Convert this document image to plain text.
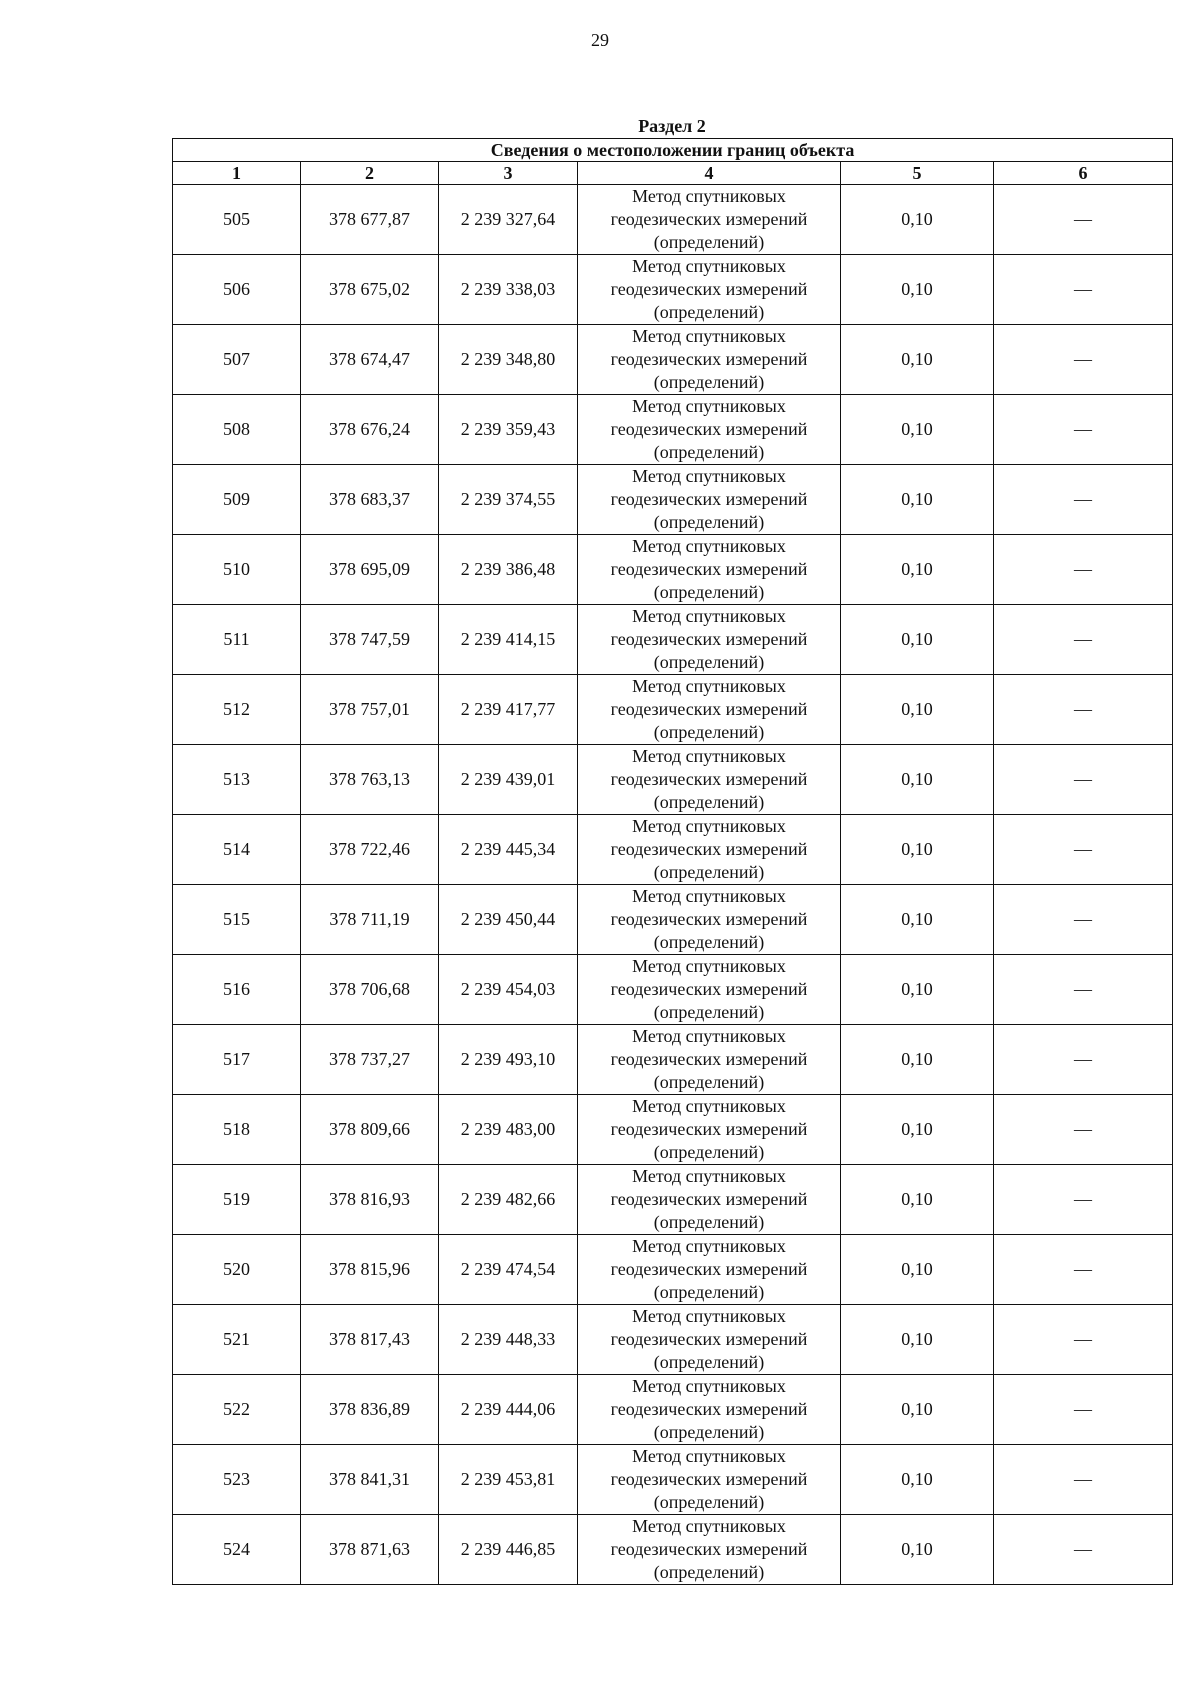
29
Раздел 2
Сведения о местоположении границ объекта					
1	2	3	4	5	6
505	378 677,87	2 239 327,64	Метод спутниковых
геодезических измерений
(определений)	0,10	—
506	378 675,02	2 239 338,03	Метод спутниковых
геодезических измерений
(определений)	0,10	—
507	378 674,47	2 239 348,80	Метод спутниковых
геодезических измерений
(определений)	0,10	—
508	378 676,24	2 239 359,43	Метод спутниковых
геодезических измерений
(определений)	0,10	—
509	378 683,37	2 239 374,55	Метод спутниковых
геодезических измерений
(определений)	0,10	—
510	378 695,09	2 239 386,48	Метод спутниковых
геодезических измерений
(определений)	0,10	—
511	378 747,59	2 239 414,15	Метод спутниковых
геодезических измерений
(определений)	0,10	—
512	378 757,01	2 239 417,77	Метод спутниковых
геодезических измерений
(определений)	0,10	—
513	378 763,13	2 239 439,01	Метод спутниковых
геодезических измерений
(определений)	0,10	—
514	378 722,46	2 239 445,34	Метод спутниковых
геодезических измерений
(определений)	0,10	—
515	378 711,19	2 239 450,44	Метод спутниковых
геодезических измерений
(определений)	0,10	—
516	378 706,68	2 239 454,03	Метод спутниковых
геодезических измерений
(определений)	0,10	—
517	378 737,27	2 239 493,10	Метод спутниковых
геодезических измерений
(определений)	0,10	—
518	378 809,66	2 239 483,00	Метод спутниковых
геодезических измерений
(определений)	0,10	—
519	378 816,93	2 239 482,66	Метод спутниковых
геодезических измерений
(определений)	0,10	—
520	378 815,96	2 239 474,54	Метод спутниковых
геодезических измерений
(определений)	0,10	—
521	378 817,43	2 239 448,33	Метод спутниковых
геодезических измерений
(определений)	0,10	—
522	378 836,89	2 239 444,06	Метод спутниковых
геодезических измерений
(определений)	0,10	—
523	378 841,31	2 239 453,81	Метод спутниковых
геодезических измерений
(определений)	0,10	—
524	378 871,63	2 239 446,85	Метод спутниковых
геодезических измерений
(определений)	0,10	—
